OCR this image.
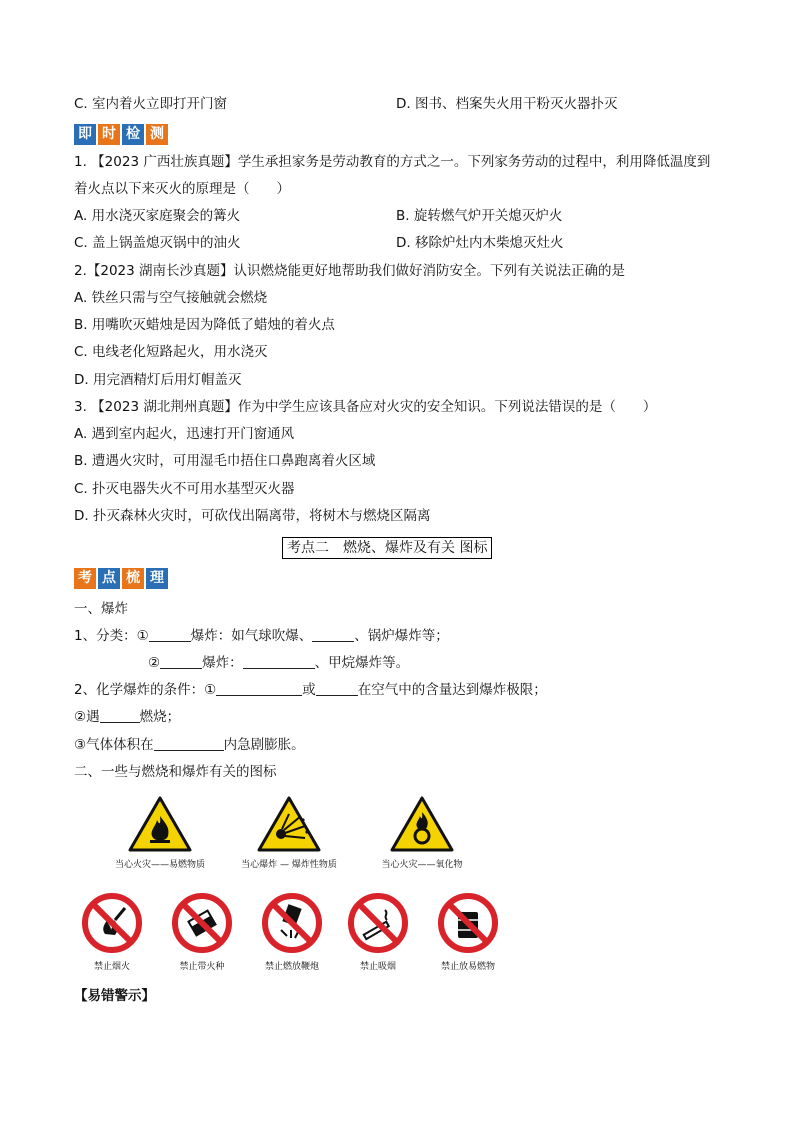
C. 室内着火立即打开门窗	D. 图书、档案失火用干粉灭火器扑灭
即 时 检 测
1. 【2023 广西壮族真题】学生承担家务是劳动教育的方式之一。下列家务劳动的过程中，利用降低温度到
着火点以下来灭火的原理是（　　）
A. 用水浇灭家庭聚会的篝火	B. 旋转燃气炉开关熄灭炉火
C. 盖上锅盖熄灭锅中的油火	D. 移除炉灶内木柴熄灭灶火
2.【2023 湖南长沙真题】认识燃烧能更好地帮助我们做好消防安全。下列有关说法正确的是
A. 铁丝只需与空气接触就会燃烧
B. 用嘴吹灭蜡烛是因为降低了蜡烛的着火点
C. 电线老化短路起火，用水浇灭
D. 用完酒精灯后用灯帽盖灭
3. 【2023 湖北荆州真题】作为中学生应该具备应对火灾的安全知识。下列说法错误的是（　　）
A. 遇到室内起火，迅速打开门窗通风
B. 遭遇火灾时，可用湿毛巾捂住口鼻跑离着火区域
C. 扑灭电器失火不可用水基型灭火器
D. 扑灭森林火灾时，可砍伐出隔离带，将树木与燃烧区隔离
考点二　燃烧、爆炸及有关 图标
考 点 梳 理
一、爆炸
1、分类：①	爆炸：如气球吹爆、	、锅炉爆炸等；
②	爆炸：	、甲烷爆炸等。
2、化学爆炸的条件：①	或	在空气中的含量达到爆炸极限；
②遇	燃烧；
③气体体积在	内急剧膨胀。
二、一些与燃烧和爆炸有关的图标
当心火灾——易燃物质	当心爆炸 — 爆炸性物质	当心火灾——氧化物
禁止烟火	禁止带火种	禁止燃放鞭炮	禁止吸烟	禁止放易燃物
【易错警示】
